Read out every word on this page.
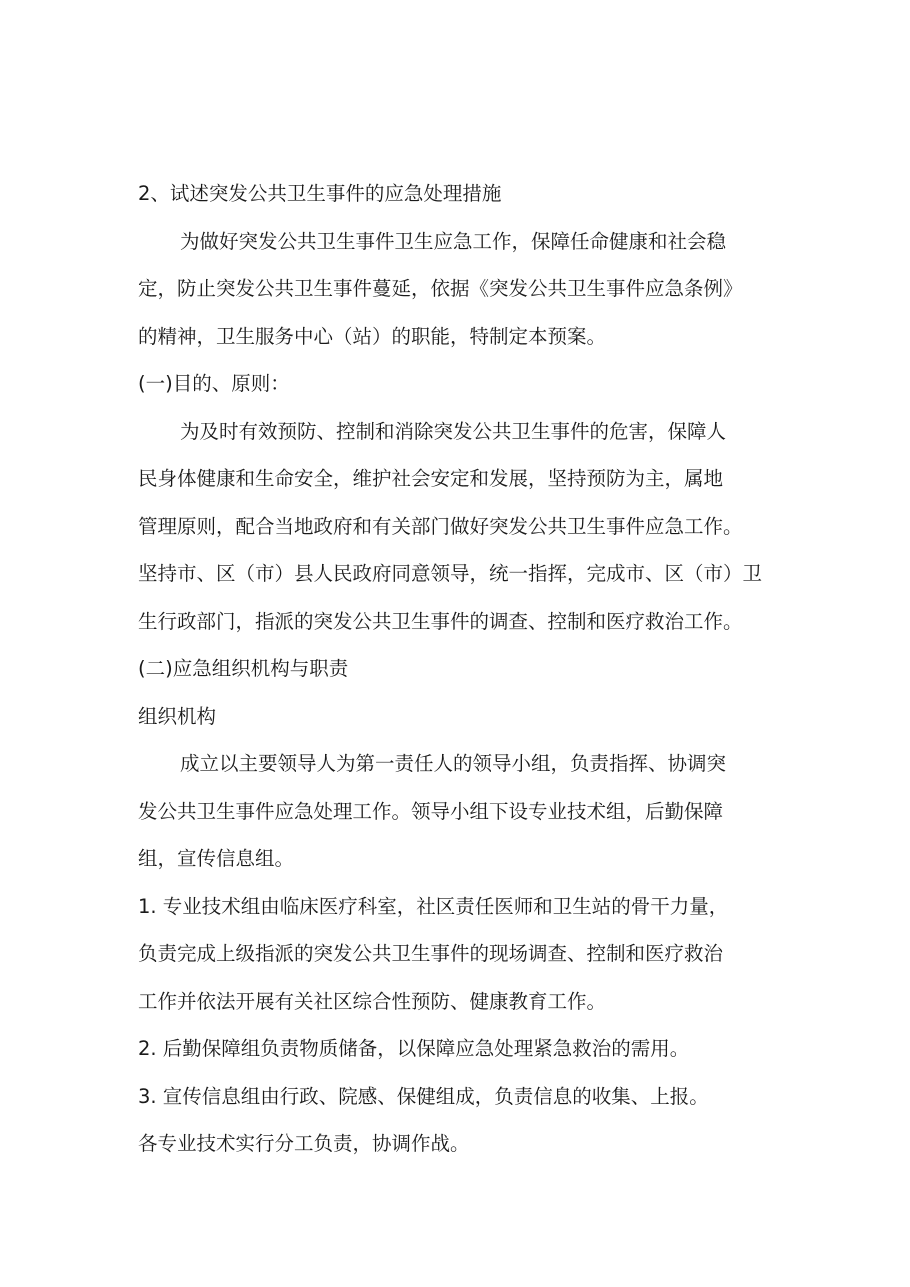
2、试述突发公共卫生事件的应急处理措施
为做好突发公共卫生事件卫生应急工作，保障任命健康和社会稳
定，防止突发公共卫生事件蔓延，依据《突发公共卫生事件应急条例》
的精神，卫生服务中心（站）的职能，特制定本预案。
(一)目的、原则：
为及时有效预防、控制和消除突发公共卫生事件的危害，保障人
民身体健康和生命安全，维护社会安定和发展，坚持预防为主，属地
管理原则，配合当地政府和有关部门做好突发公共卫生事件应急工作。
坚持市、区（市）县人民政府同意领导，统一指挥，完成市、区（市）卫
生行政部门，指派的突发公共卫生事件的调查、控制和医疗救治工作。
(二)应急组织机构与职责
组织机构
成立以主要领导人为第一责任人的领导小组，负责指挥、协调突
发公共卫生事件应急处理工作。领导小组下设专业技术组，后勤保障
组，宣传信息组。
1. 专业技术组由临床医疗科室，社区责任医师和卫生站的骨干力量，
负责完成上级指派的突发公共卫生事件的现场调查、控制和医疗救治
工作并依法开展有关社区综合性预防、健康教育工作。
2. 后勤保障组负责物质储备，以保障应急处理紧急救治的需用。
3. 宣传信息组由行政、院感、保健组成，负责信息的收集、上报。
各专业技术实行分工负责，协调作战。
